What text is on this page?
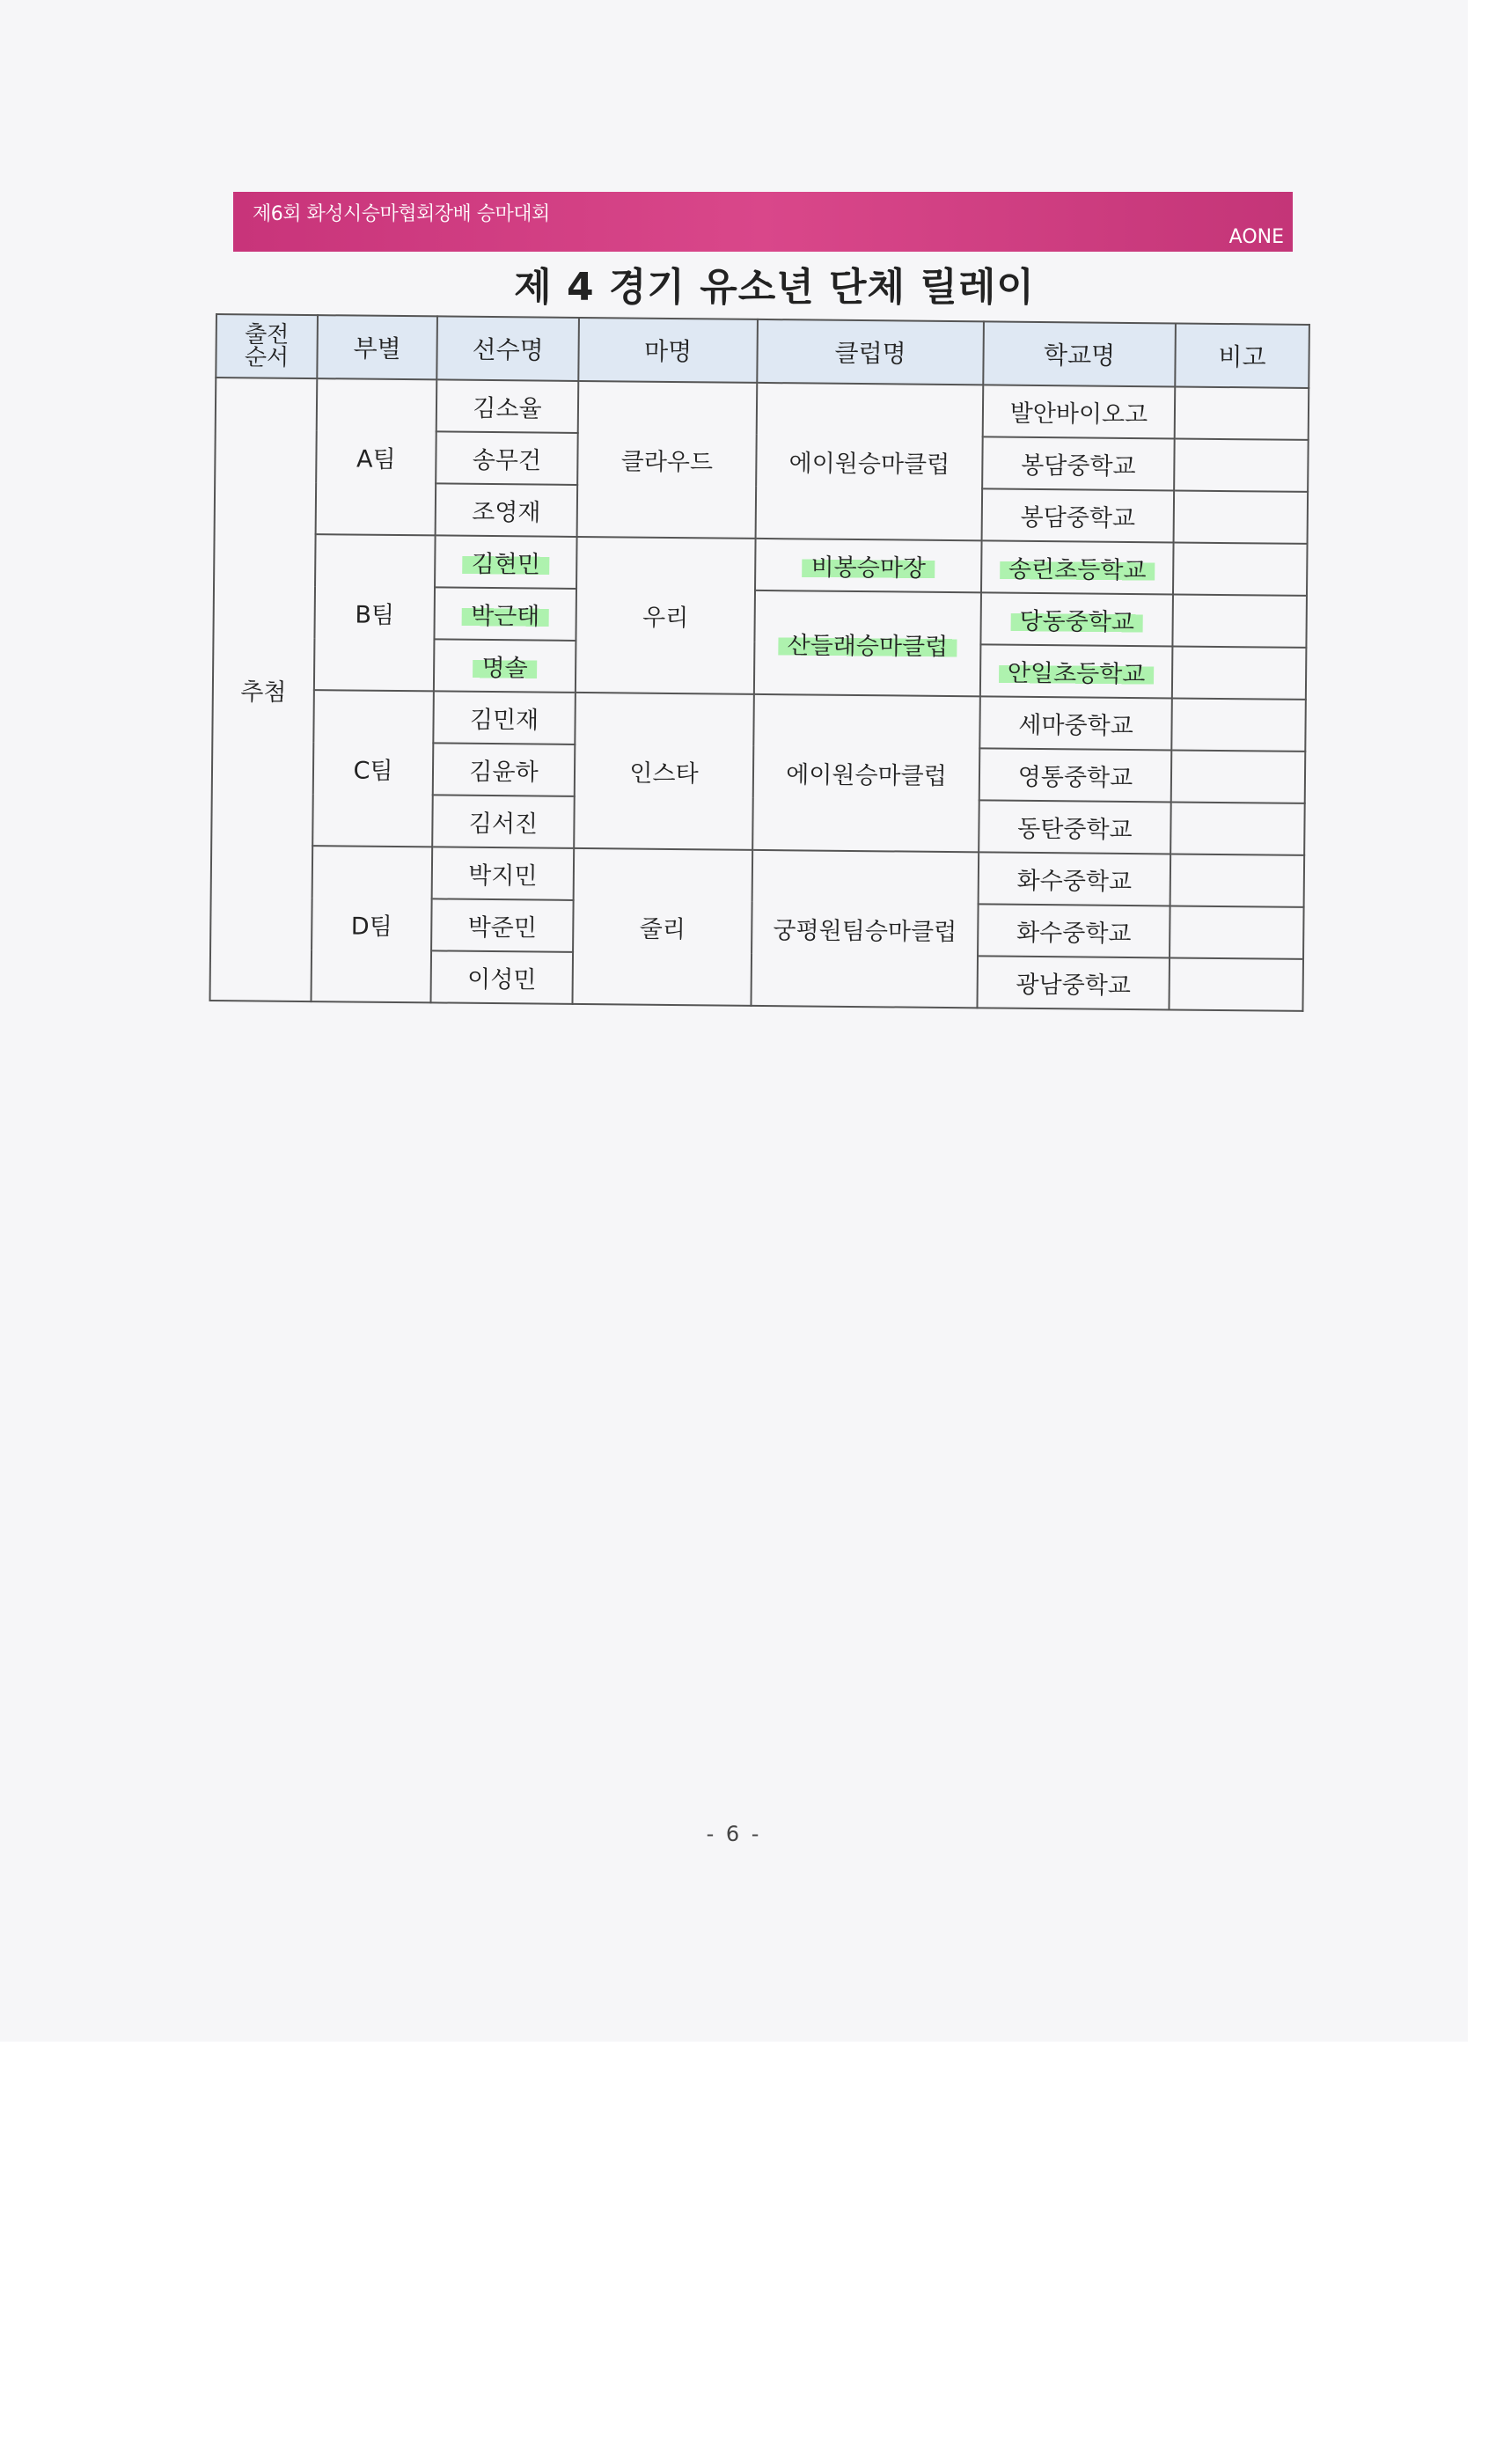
제6회 화성시승마협회장배 승마대회
AONE
제 4 경기 유소년 단체 릴레이
출전
순서	부별	선수명	마명	클럽명	학교명	비고
추첨	A팀	김소율	클라우드	에이원승마클럽	발안바이오고	
		송무건			봉담중학교	
		조영재			봉담중학교	
	B팀	김현민	우리	비봉승마장	송린초등학교	
		박근태		산들래승마클럽	당동중학교	
		명솔			안일초등학교	
	C팀	김민재	인스타	에이원승마클럽	세마중학교	
		김윤하			영통중학교	
		김서진			동탄중학교	
	D팀	박지민	줄리	궁평원팀승마클럽	화수중학교	
		박준민			화수중학교	
		이성민			광남중학교	
- 6 -
